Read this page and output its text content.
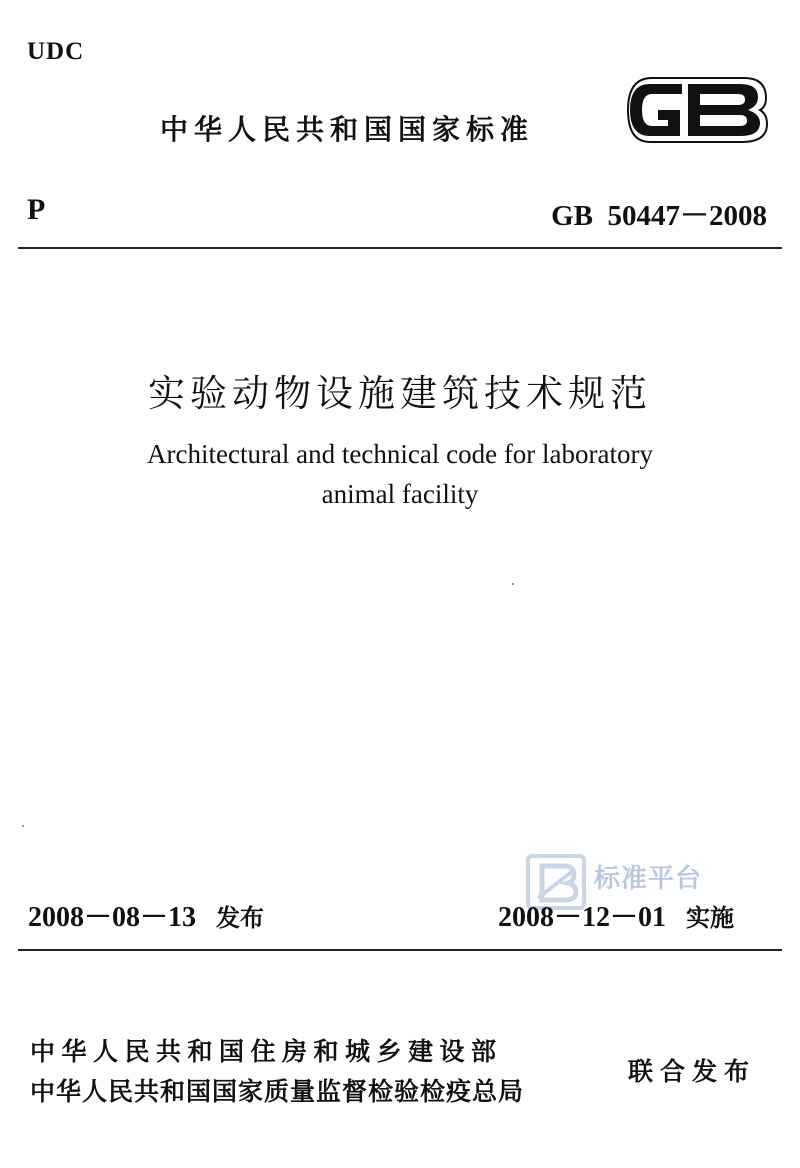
UDC
中华人民共和国国家标准
P	GB  50447－2008
实验动物设施建筑技术规范
Architectural and technical code for laboratory
animal facility
标准平台
2008－08－13 发布	2008－12－01 实施
中华人民共和国住房和城乡建设部
中华人民共和国国家质量监督检验检疫总局
联合发布
